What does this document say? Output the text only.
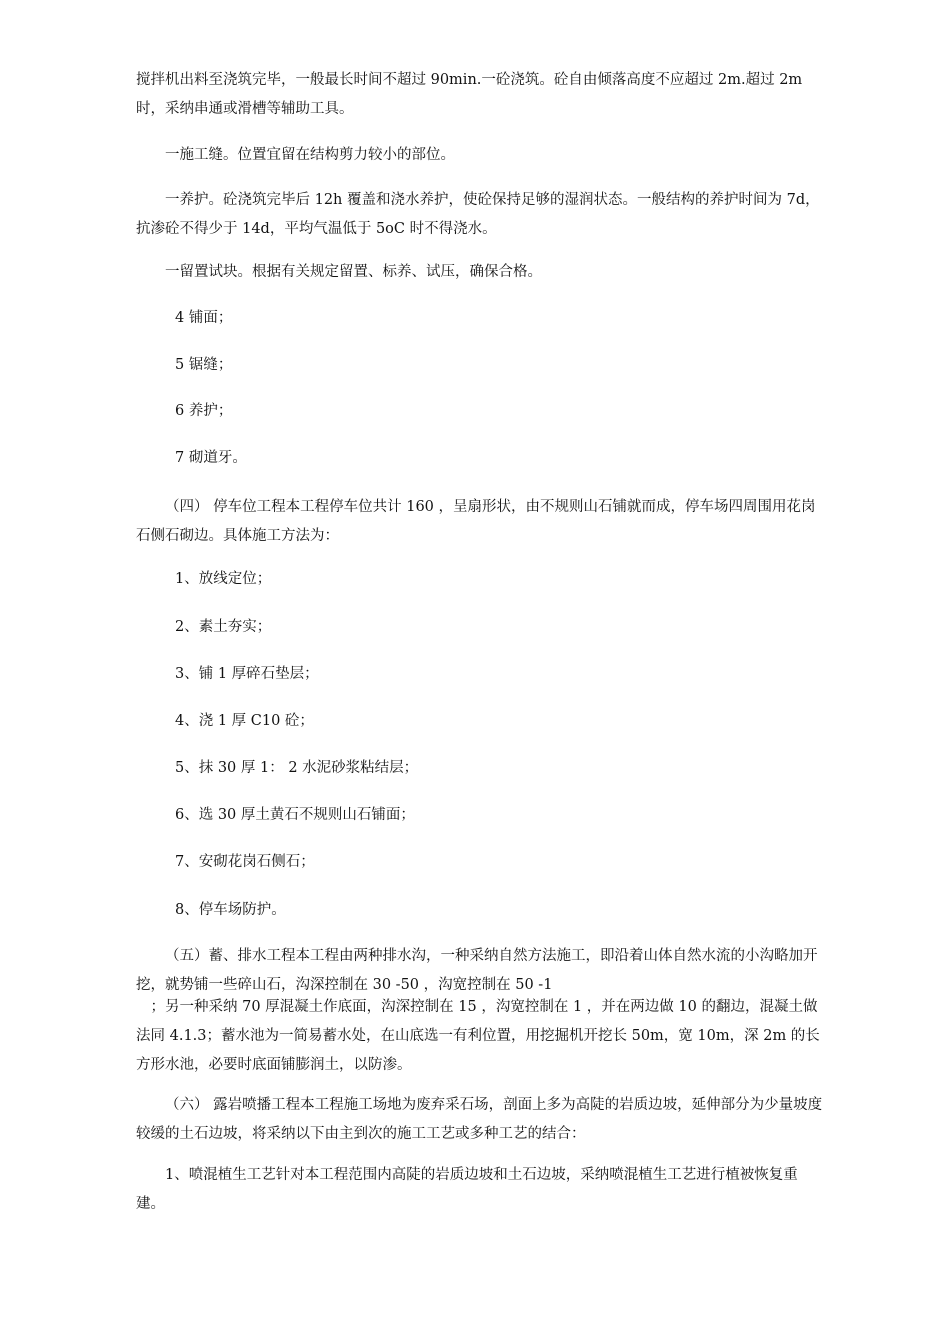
搅拌机出料至浇筑完毕，一般最长时间不超过 90min.一砼浇筑。砼自由倾落高度不应超过 2m.超过 2m 时，采纳串通或滑槽等辅助工具。

一施工缝。位置宜留在结构剪力较小的部位。

一养护。砼浇筑完毕后 12h 覆盖和浇水养护，使砼保持足够的湿润状态。一般结构的养护时间为 7d，抗渗砼不得少于 14d，平均气温低于 5oC 时不得浇水。

一留置试块。根据有关规定留置、标养、试压，确保合格。

4 铺面；

5 锯缝；

6 养护；

7 砌道牙。

（四） 停车位工程本工程停车位共计 160 ，呈扇形状，由不规则山石铺就而成，停车场四周围用花岗石侧石砌边。具体施工方法为：

1、放线定位；

2、素土夯实；

3、铺 1 厚碎石垫层；

4、浇 1 厚 C10 砼；

5、抹 30 厚 1： 2 水泥砂浆粘结层；

6、选 30 厚土黄石不规则山石铺面；

7、安砌花岗石侧石；

8、停车场防护。

（五）蓄、排水工程本工程由两种排水沟，一种采纳自然方法施工，即沿着山体自然水流的小沟略加开挖，就势铺一些碎山石，沟深控制在 30 -50 ，沟宽控制在 50 -1

；另一种采纳 70 厚混凝土作底面，沟深控制在 15 ，沟宽控制在 1 ，并在两边做 10 的翻边，混凝土做法同 4.1.3；蓄水池为一简易蓄水处，在山底选一有利位置，用挖掘机开挖长 50m，宽 10m，深 2m 的长方形水池，必要时底面铺膨润土，以防渗。

（六） 露岩喷播工程本工程施工场地为废弃采石场，剖面上多为高陡的岩质边坡，延伸部分为少量坡度较缓的土石边坡，将采纳以下由主到次的施工工艺或多种工艺的结合：

1、喷混植生工艺针对本工程范围内高陡的岩质边坡和土石边坡，采纳喷混植生工艺进行植被恢复重建。
